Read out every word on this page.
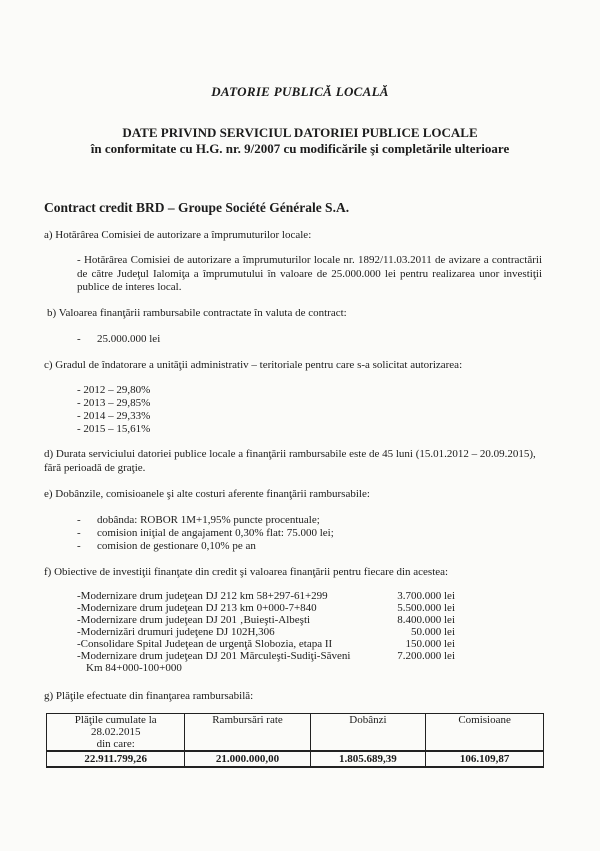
DATORIE PUBLICĂ LOCALĂ
DATE PRIVIND SERVICIUL DATORIEI PUBLICE LOCALE
în conformitate cu H.G. nr. 9/2007 cu modificările şi completările ulterioare
Contract credit BRD – Groupe Société Générale S.A.
a) Hotărârea Comisiei de autorizare a împrumuturilor locale:
- Hotărârea Comisiei de autorizare a împrumuturilor locale nr. 1892/11.03.2011 de avizare a contractării de către Judeţul Ialomiţa a împrumutului în valoare de 25.000.000 lei pentru realizarea unor investiţii publice de interes local.
b) Valoarea finanţării rambursabile contractate în valuta de contract:
- 25.000.000 lei
c) Gradul de îndatorare a unităţii administrativ – teritoriale pentru care s-a solicitat autorizarea:
- 2012 – 29,80%
- 2013 – 29,85%
- 2014 – 29,33%
- 2015 – 15,61%
d) Durata serviciului datoriei publice locale a finanţării rambursabile este de 45 luni (15.01.2012 – 20.09.2015), fără perioadă de graţie.
e) Dobânzile, comisioanele şi alte costuri aferente finanţării rambursabile:
- dobânda: ROBOR 1M+1,95% puncte procentuale;
- comision iniţial de angajament 0,30% flat: 75.000 lei;
- comision de gestionare 0,10% pe an
f) Obiective de investiţii finanţate din credit şi valoarea finanţării pentru fiecare din acestea:
-Modernizare drum judeţean DJ 212 km 58+297-61+299	3.700.000 lei
-Modernizare drum judeţean DJ 213 km 0+000-7+840	5.500.000 lei
-Modernizare drum judeţean DJ 201 ‚Buieşti-Albeşti	8.400.000 lei
-Modernizări drumuri judeţene DJ 102H,306	50.000 lei
-Consolidare Spital Judeţean de urgenţă Slobozia, etapa II	150.000 lei
-Modernizare drum judeţean DJ 201 Mărculeşti-Sudiţi-Săveni	7.200.000 lei
Km 84+000-100+000
g) Plăţile efectuate din finanţarea rambursabilă:
Plăţile cumulate la 28.02.2015
din care:	Rambursări rate	Dobânzi	Comisioane
22.911.799,26	21.000.000,00	1.805.689,39	106.109,87
